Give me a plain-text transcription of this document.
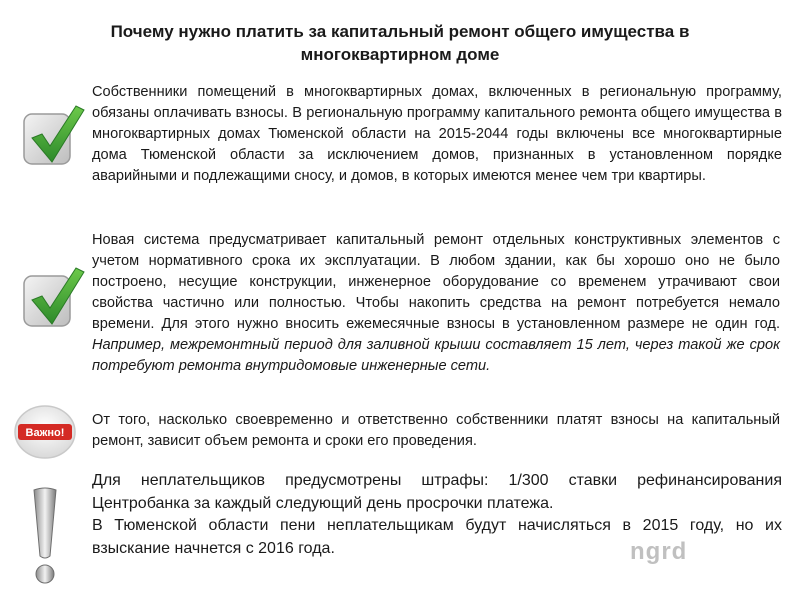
Почему нужно платить за капитальный ремонт общего имущества в многоквартирном доме
Собственники помещений в многоквартирных домах, включенных в региональную программу, обязаны оплачивать взносы. В региональную программу капитального ремонта общего имущества в многоквартирных домах Тюменской области на 2015-2044 годы включены все многоквартирные дома Тюменской области за исключением домов, признанных в установленном порядке аварийными и подлежащими сносу, и домов, в которых имеются менее чем три квартиры.
Новая система предусматривает капитальный ремонт отдельных конструктивных элементов с учетом нормативного срока их эксплуатации. В любом здании, как бы хорошо оно не было построено, несущие конструкции, инженерное оборудование со временем утрачивают свои свойства частично или полностью. Чтобы накопить средства на ремонт потребуется немало времени. Для этого нужно вносить ежемесячные взносы в установленном размере не один год. Например, межремонтный период для заливной крыши составляет 15 лет, через такой же срок потребуют ремонта внутридомовые инженерные сети.
Важно!
От того, насколько своевременно и ответственно собственники платят взносы на капитальный ремонт, зависит объем ремонта и сроки его проведения.
Для неплательщиков предусмотрены штрафы: 1/300 ставки рефинансирования Центробанка за каждый следующий день просрочки платежа.
В Тюменской области пени неплательщикам будут начисляться в 2015 году, но их взыскание начнется с 2016 года.	ngrd
